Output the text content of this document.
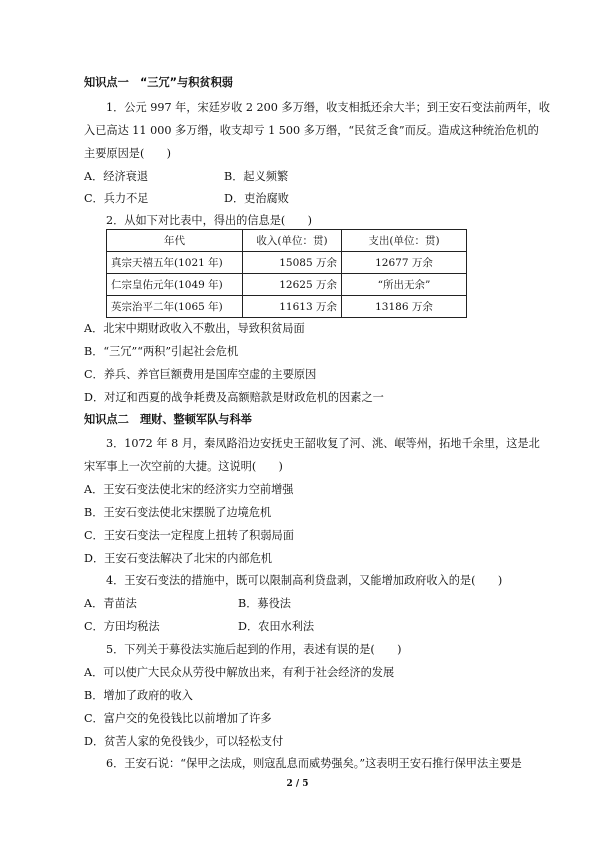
知识点一　“三冗”与积贫积弱
1．公元 997 年，宋廷岁收 2 200 多万缗，收支相抵还余大半；到王安石变法前两年，收
入已高达 11 000 多万缗，收支却亏 1 500 多万缗，“民贫乏食”而反。造成这种统治危机的
主要原因是(　　)
A．经济衰退	B．起义频繁
C．兵力不足	D．吏治腐败
2．从如下对比表中，得出的信息是(　　)
年代	收入(单位：贯)	支出(单位：贯)
真宗天禧五年(1021 年)	15085 万余	12677 万余
仁宗皇佑元年(1049 年)	12625 万余	“所出无余”
英宗治平二年(1065 年)	11613 万余	13186 万余
A．北宋中期财政收入不敷出，导致积贫局面
B．“三冗”“两积”引起社会危机
C．养兵、养官巨额费用是国库空虚的主要原因
D．对辽和西夏的战争耗费及高额赔款是财政危机的因素之一
知识点二　理财、整顿军队与科举
3．1072 年 8 月，秦凤路沿边安抚史王韶收复了河、洮、岷等州，拓地千余里，这是北
宋军事上一次空前的大捷。这说明(　　)
A．王安石变法使北宋的经济实力空前增强
B．王安石变法使北宋摆脱了边境危机
C．王安石变法一定程度上扭转了积弱局面
D．王安石变法解决了北宋的内部危机
4．王安石变法的措施中，既可以限制高利贷盘剥，又能增加政府收入的是(　　)
A．青苗法	B．募役法
C．方田均税法	D．农田水利法
5．下列关于募役法实施后起到的作用，表述有误的是(　　)
A．可以使广大民众从劳役中解放出来，有利于社会经济的发展
B．增加了政府的收入
C．富户交的免役钱比以前增加了许多
D．贫苦人家的免役钱少，可以轻松支付
6．王安石说：“保甲之法成，则寇乱息而威势强矣。”这表明王安石推行保甲法主要是
2 / 5
